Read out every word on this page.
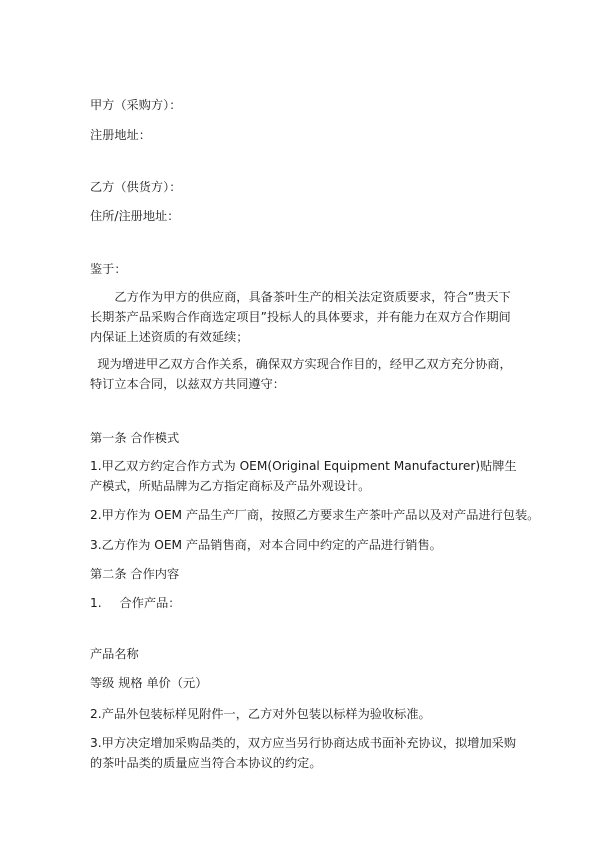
甲方（采购方）：
注册地址：
乙方（供货方）：
住所/注册地址：
鉴于：
乙方作为甲方的供应商，具备茶叶生产的相关法定资质要求，符合”贵天下长期茶产品采购合作商选定项目”投标人的具体要求，并有能力在双方合作期间内保证上述资质的有效延续；
现为增进甲乙双方合作关系，确保双方实现合作目的，经甲乙双方充分协商，特订立本合同，以兹双方共同遵守：
第一条 合作模式
1.甲乙双方约定合作方式为 OEM(Original Equipment Manufacturer)贴牌生产模式，所贴品牌为乙方指定商标及产品外观设计。
2.甲方作为 OEM 产品生产厂商，按照乙方要求生产茶叶产品以及对产品进行包装。
3.乙方作为 OEM 产品销售商，对本合同中约定的产品进行销售。
第二条 合作内容
1. 合作产品：
产品名称
等级 规格 单价（元）
2.产品外包装标样见附件一，乙方对外包装以标样为验收标准。
3.甲方决定增加采购品类的，双方应当另行协商达成书面补充协议，拟增加采购的茶叶品类的质量应当符合本协议的约定。
